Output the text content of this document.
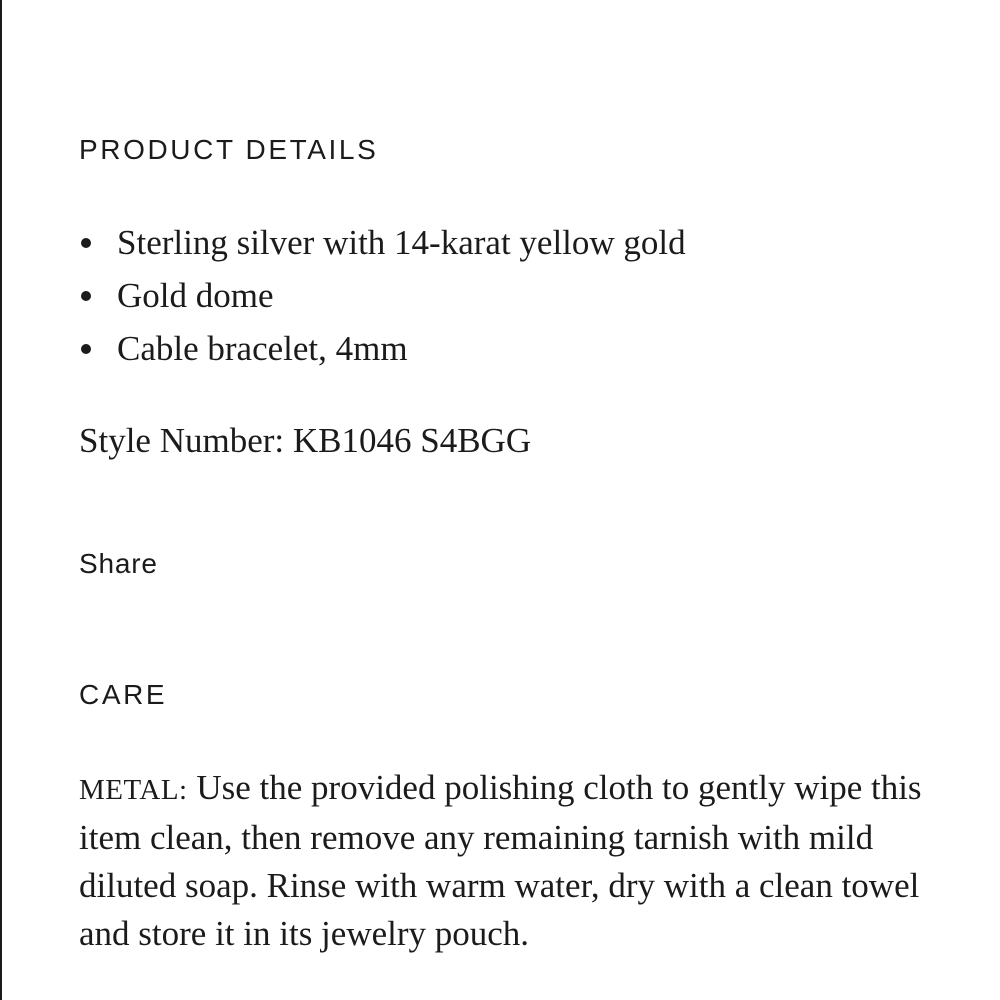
PRODUCT DETAILS
Sterling silver with 14-karat yellow gold
Gold dome
Cable bracelet, 4mm
Style Number: KB1046 S4BGG
Share
CARE

METAL: Use the provided polishing cloth to gently wipe this item clean, then remove any remaining tarnish with mild diluted soap. Rinse with warm water, dry with a clean towel and store it in its jewelry pouch.
